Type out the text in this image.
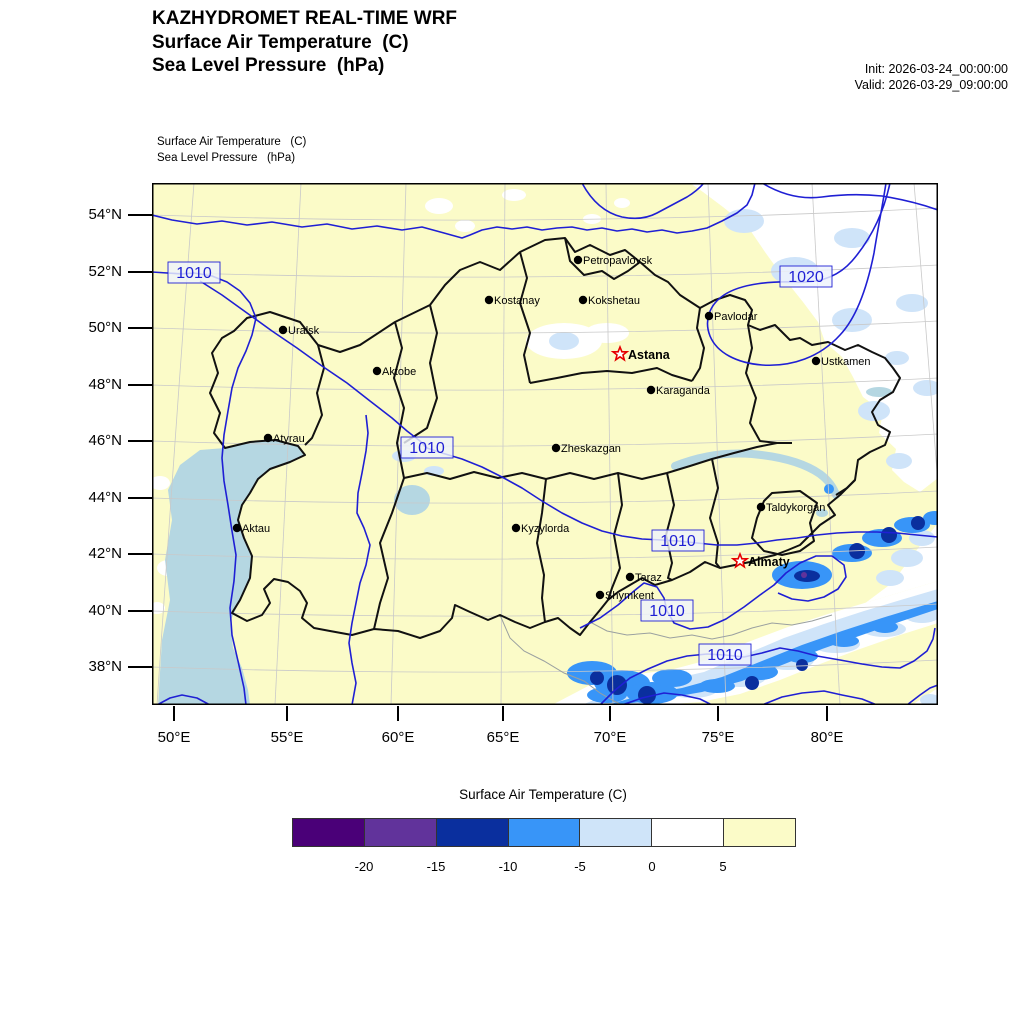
KAZHYDROMET REAL-TIME WRF
Surface Air Temperature  (C)
Sea Level Pressure  (hPa)	Init: 2026-03-24_00:00:00
Valid: 2026-03-29_09:00:00
Surface Air Temperature   (C)
Sea Level Pressure   (hPa)
54°N
52°N
50°N
48°N
46°N
44°N
42°N
40°N
38°N
50°E	55°E	60°E	65°E	70°E	75°E	80°E
1010	1020
1010
1010
1010
1010
Petropavlovsk
Kostanay	Kokshetau
Pavlodar
Uralsk
Ustkamen
Aktobe
Astana
Karaganda
Atyrau
Zheskazgan
Taldykorgan
Aktau	Kyzylorda
Almaty
Taraz
Shymkent
Surface Air Temperature (C)
-20	-15	-10	-5	0	5
